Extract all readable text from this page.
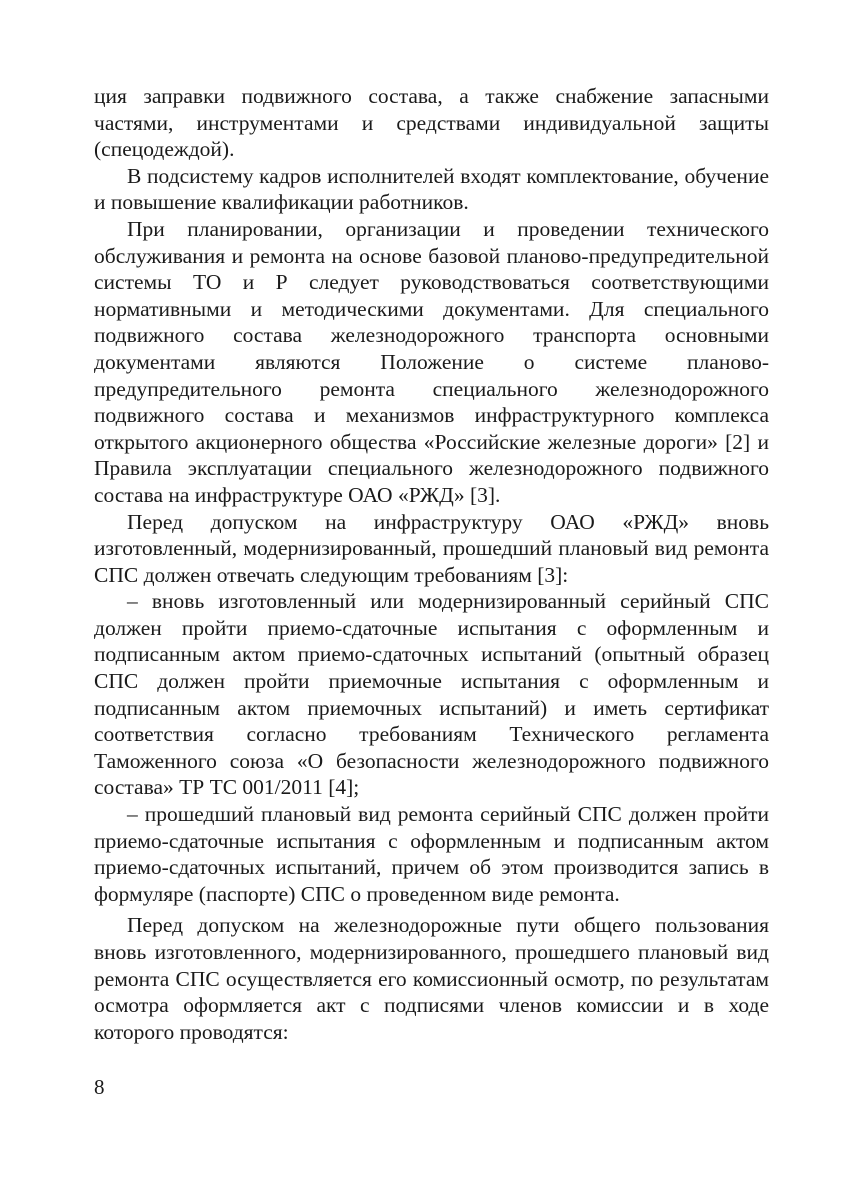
ция заправки подвижного состава, а также снабжение запасными частями, инструментами и средствами индивидуальной защиты (спецодеждой).

В подсистему кадров исполнителей входят комплектование, обучение и повышение квалификации работников.

При планировании, организации и проведении технического обслуживания и ремонта на основе базовой планово-предупредительной системы ТО и Р следует руководствоваться соответствующими нормативными и методическими документами. Для специального подвижного состава железнодорожного транспорта основными документами являются Положение о системе планово-предупредительного ремонта специального железнодорожного подвижного состава и механизмов инфраструктурного комплекса открытого акционерного общества «Российские железные дороги» [2] и Правила эксплуатации специального железнодорожного подвижного состава на инфраструктуре ОАО «РЖД» [3].

Перед допуском на инфраструктуру ОАО «РЖД» вновь изготовленный, модернизированный, прошедший плановый вид ремонта СПС должен отвечать следующим требованиям [3]:

– вновь изготовленный или модернизированный серийный СПС должен пройти приемо-сдаточные испытания с оформленным и подписанным актом приемо-сдаточных испытаний (опытный образец СПС должен пройти приемочные испытания с оформленным и подписанным актом приемочных испытаний) и иметь сертификат соответствия согласно требованиям Технического регламента Таможенного союза «О безопасности железнодорожного подвижного состава» ТР ТС 001/2011 [4];

– прошедший плановый вид ремонта серийный СПС должен пройти приемо-сдаточные испытания с оформленным и подписанным актом приемо-сдаточных испытаний, причем об этом производится запись в формуляре (паспорте) СПС о проведенном виде ремонта.

Перед допуском на железнодорожные пути общего пользования вновь изготовленного, модернизированного, прошедшего плановый вид ремонта СПС осуществляется его комиссионный осмотр, по результатам осмотра оформляется акт с подписями членов комиссии и в ходе которого проводятся:

8
